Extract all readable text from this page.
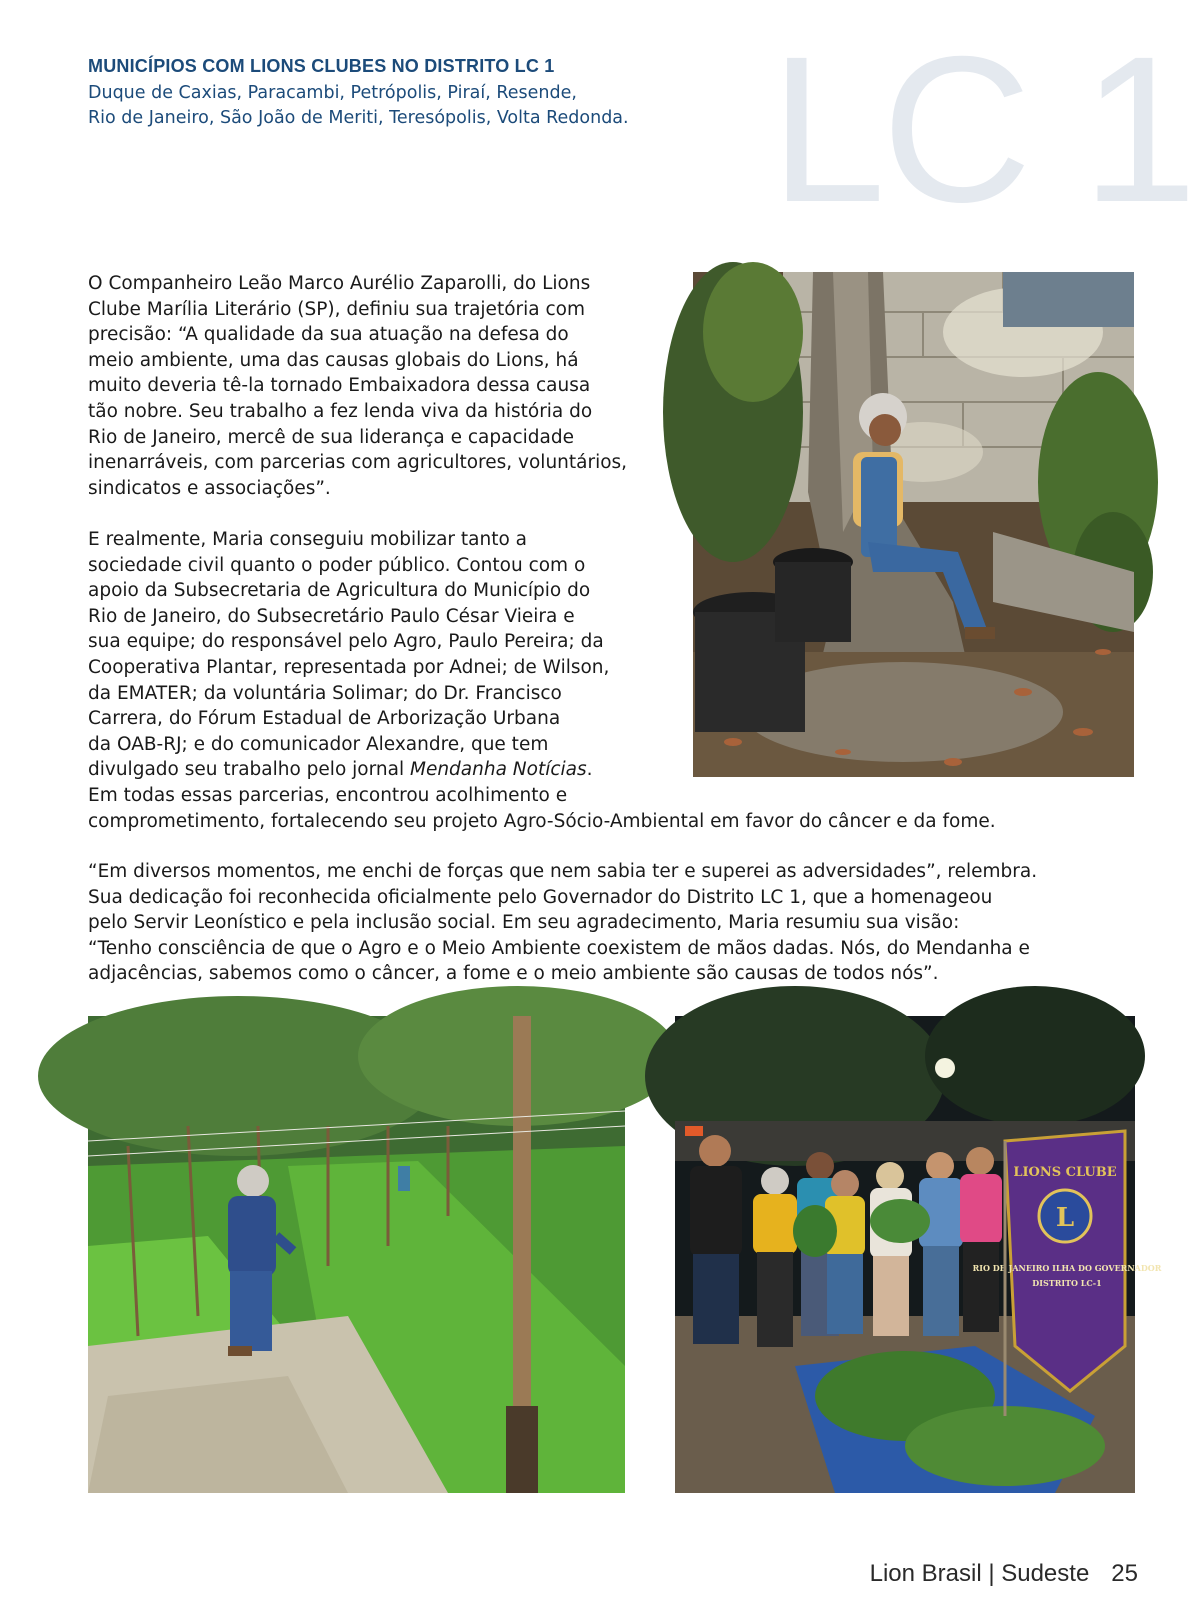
MUNICÍPIOS COM LIONS CLUBES NO DISTRITO LC 1
Duque de Caxias, Paracambi, Petrópolis, Piraí, Resende,
Rio de Janeiro, São João de Meriti, Teresópolis, Volta Redonda. LC 1

O Companheiro Leão Marco Aurélio Zaparolli, do Lions
Clube Marília Literário (SP), definiu sua trajetória com
precisão: “A qualidade da sua atuação na defesa do
meio ambiente, uma das causas globais do Lions, há
muito deveria tê-la tornado Embaixadora dessa causa
tão nobre. Seu trabalho a fez lenda viva da história do
Rio de Janeiro, mercê de sua liderança e capacidade
inenarráveis, com parcerias com agricultores, voluntários,
sindicatos e associações”.

E realmente, Maria conseguiu mobilizar tanto a
sociedade civil quanto o poder público. Contou com o
apoio da Subsecretaria de Agricultura do Município do
Rio de Janeiro, do Subsecretário Paulo César Vieira e
sua equipe; do responsável pelo Agro, Paulo Pereira; da
Cooperativa Plantar, representada por Adnei; de Wilson,
da EMATER; da voluntária Solimar; do Dr. Francisco
Carrera, do Fórum Estadual de Arborização Urbana
da OAB-RJ; e do comunicador Alexandre, que tem
divulgado seu trabalho pelo jornal Mendanha Notícias.
Em todas essas parcerias, encontrou acolhimento e
comprometimento, fortalecendo seu projeto Agro-Sócio-Ambiental em favor do câncer e da fome.

“Em diversos momentos, me enchi de forças que nem sabia ter e superei as adversidades”, relembra.
Sua dedicação foi reconhecida oficialmente pelo Governador do Distrito LC 1, que a homenageou
pelo Servir Leonístico e pela inclusão social. Em seu agradecimento, Maria resumiu sua visão:
“Tenho consciência de que o Agro e o Meio Ambiente coexistem de mãos dadas. Nós, do Mendanha e
adjacências, sabemos como o câncer, a fome e o meio ambiente são causas de todos nós”.

LIONS CLUBE
L
RIO DE JANEIRO ILHA DO GOVERNADOR
DISTRITO LC-1
Lion Brasil | Sudeste 25
